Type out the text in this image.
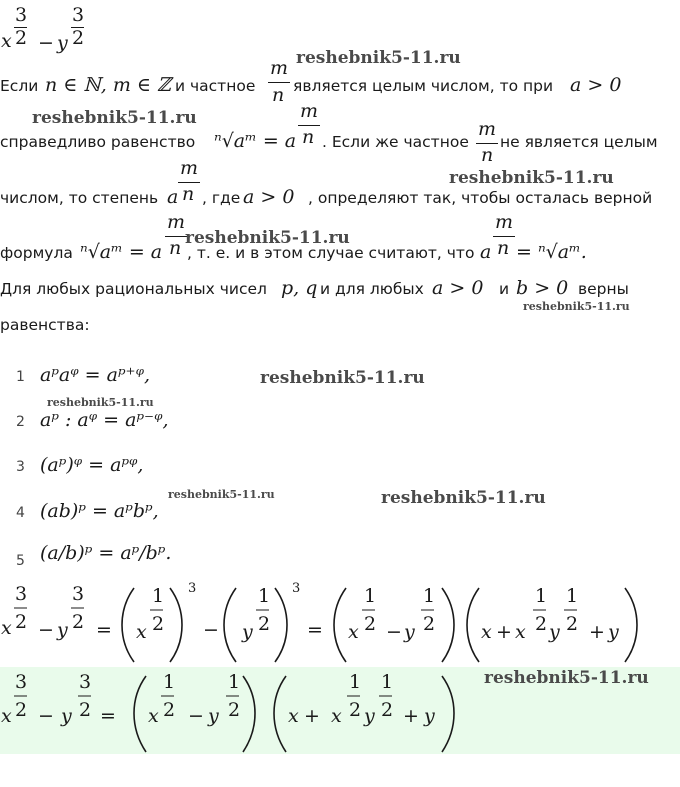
x
3
2 − y
3
2
Если n ∈ ℕ, m ∈ ℤ и частное
m
n является целым числом, то при a > 0
справедливо равенство ⁿ√aᵐ = a
m
n . Если же частное
m
n
не является целым
числом, то степень a
m
n , где a > 0 , определяют так, чтобы осталась верной
формула ⁿ√aᵐ = a
m
n , т. е. и в этом случае считают, что a
m
n = ⁿ√aᵐ.
Для любых рациональных чисел p, q и для любых a > 0 и b > 0 верны
равенства:
1 aᵖaᵠ = aᵖ⁺ᵠ,
2 aᵖ : aᵠ = aᵖ⁻ᵠ,
3 (aᵖ)ᵠ = aᵖᵠ,
4 (ab)ᵖ = aᵖbᵖ,
5 (a/b)ᵖ = aᵖ/bᵖ.
x
3
2 − y
3
2 = x
1
2
3
− y
1
2
3
= x
1
2 − y
1
2 x + x
1
2 y
1
2 + y
x
3
2 − y
3
2 = x
1
2 − y
1
2	x + x
1
2 y
1
2 + y
reshebnik5-11.ru
reshebnik5-11.ru
reshebnik5-11.ru
reshebnik5-11.ru
reshebnik5-11.ru
reshebnik5-11.ru
reshebnik5-11.ru
reshebnik5-11.ru	reshebnik5-11.ru
reshebnik5-11.ru
